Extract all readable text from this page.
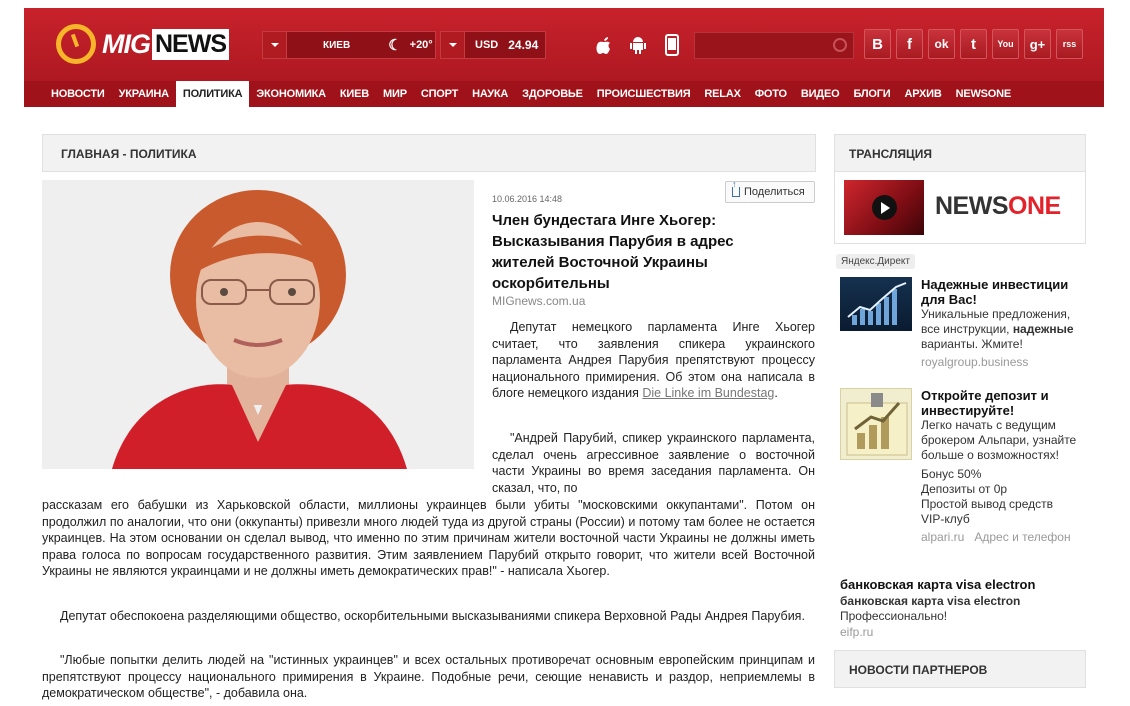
MIG NEWS	КИЕВ	☾ +20°	USD 24.94	В	f	ok	t	You	g+	rss
НОВОСТИ	УКРАИНА	ПОЛИТИКА	ЭКОНОМИКА	КИЕВ	МИР	СПОРТ	НАУКА	ЗДОРОВЬЕ	ПРОИСШЕСТВИЯ	RELAX	ФОТО	ВИДЕО	БЛОГИ	АРХИВ	NEWSONE
ГЛАВНАЯ - ПОЛИТИКА
10.06.2016 14:48
↑
Поделиться
Член бундестага Инге Хьогер: Высказывания Парубия в адрес жителей Восточной Украины оскорбительны
MIGnews.com.ua

Депутат немецкого парламента Инге Хьогер считает, что заявления спикера украинского парламента Андрея Парубия препятствуют процессу национального примирения. Об этом она написала в блоге немецкого издания Die Linke im Bundestag.

"Андрей Парубий, спикер украинского парламента, сделал очень агрессивное заявление о восточной части Украины во время заседания парламента. Он сказал, что, по

рассказам его бабушки из Харьковской области, миллионы украинцев были убиты "московскими оккупантами". Потом он продолжил по аналогии, что они (оккупанты) привезли много людей туда из другой страны (России) и потому там более не остается украинцев. На этом основании он сделал вывод, что именно по этим причинам жители восточной части Украины не должны иметь права голоса по вопросам государственного развития. Этим заявлением Парубий открыто говорит, что жители всей Восточной Украины не являются украинцами и не должны иметь демократических прав!" - написала Хьогер.

Депутат обеспокоена разделяющими общество, оскорбительными высказываниями спикера Верховной Рады Андрея Парубия.

"Любые попытки делить людей на "истинных украинцев" и всех остальных противоречат основным европейским принципам и препятствуют процессу национального примирения в Украине. Подобные речи, сеющие ненависть и раздор, неприемлемы в демократическом обществе", - добавила она.

ТРАНСЛЯЦИЯ
NEWSONE
Яндекс.Директ
Надежные инвестиции для Вас!
Уникальные предложения, все инструкции, надежные варианты. Жмите!
royalgroup.business
Откройте депозит и инвестируйте!
Легко начать с ведущим брокером Альпари, узнайте больше о возможностях!
Бонус 50%
Депозиты от 0р
Простой вывод средств
VIP-клуб
alpari.ru Адрес и телефон
банковская карта visa electron
банковская карта visa electron
Профессионально!
eifp.ru
НОВОСТИ ПАРТНЕРОВ
